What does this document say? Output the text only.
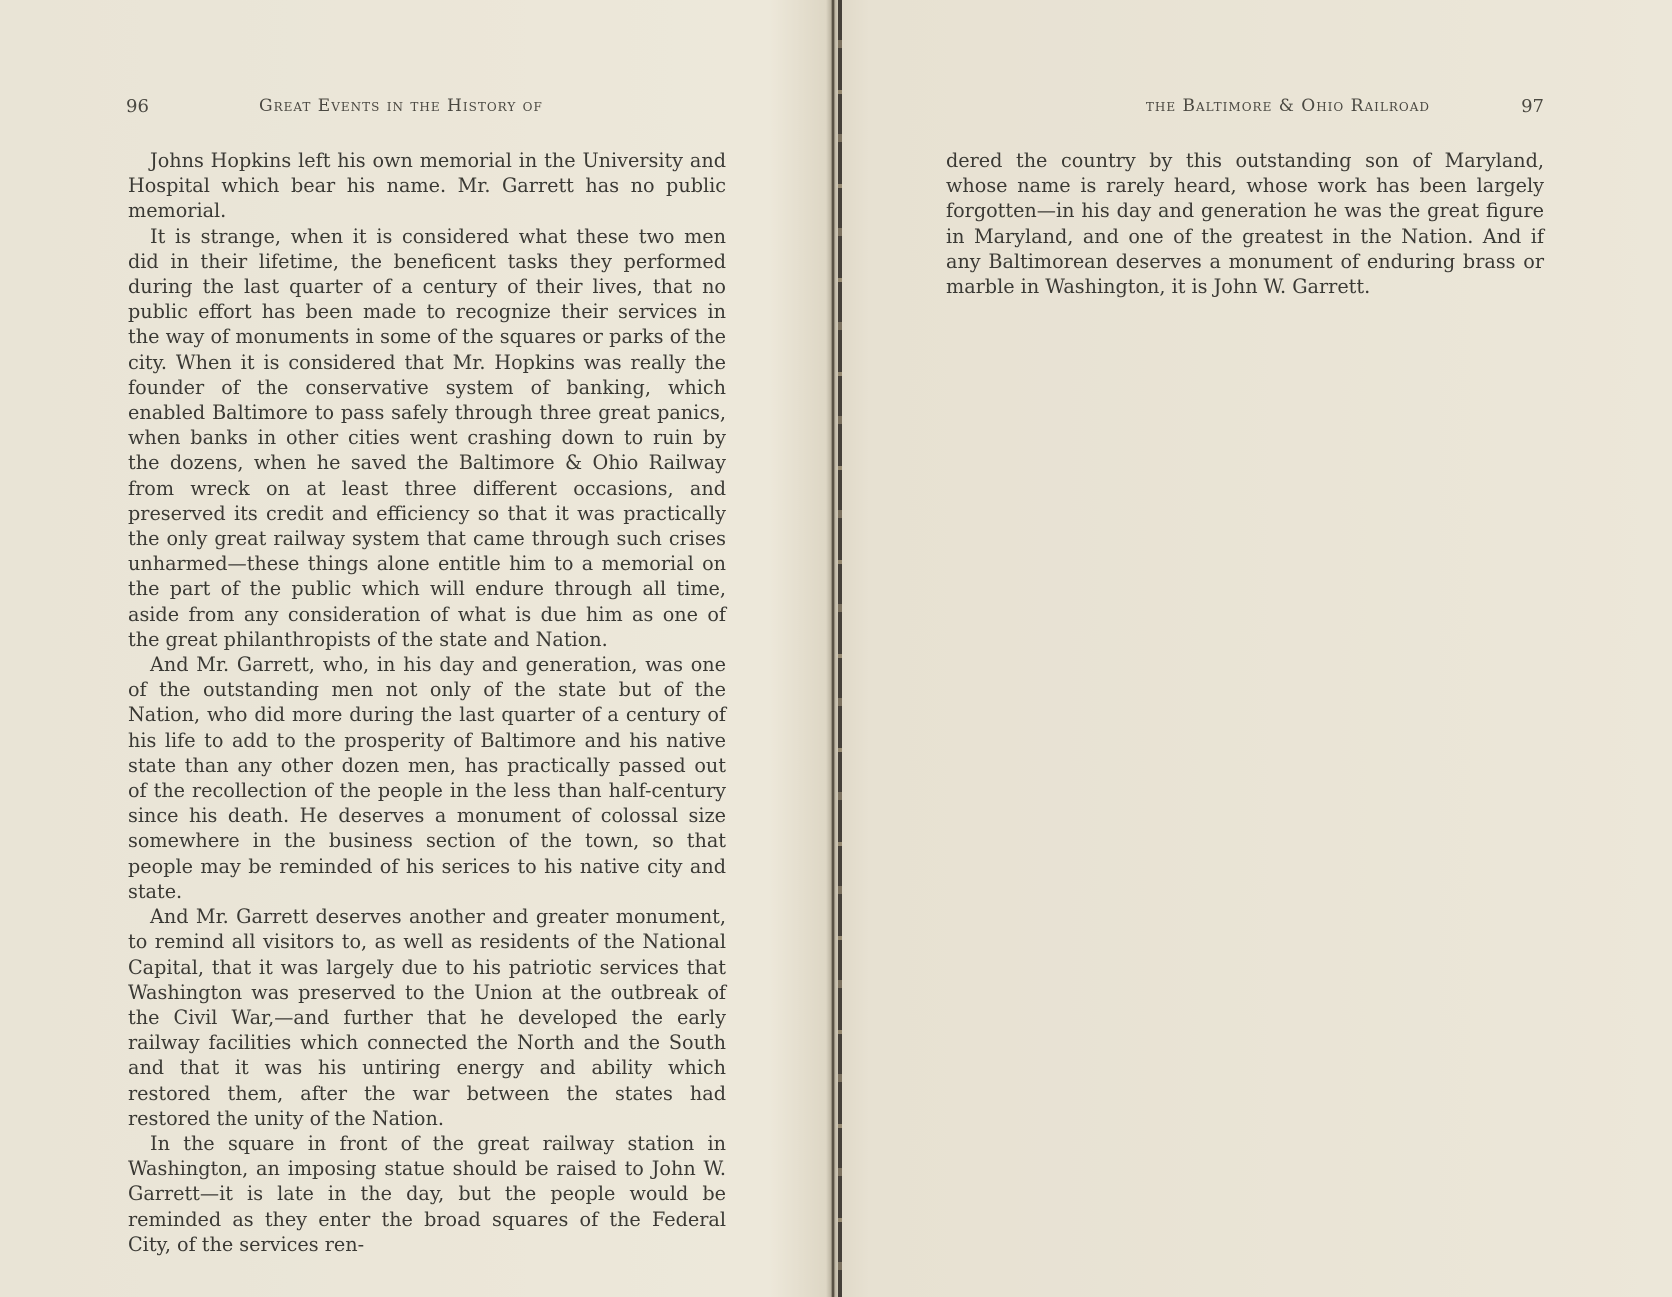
96	Great Events in the History of

Johns Hopkins left his own memorial in the University and Hospital which bear his name. Mr. Garrett has no public memorial.

It is strange, when it is considered what these two men did in their lifetime, the beneficent tasks they performed during the last quarter of a century of their lives, that no public effort has been made to recognize their services in the way of monuments in some of the squares or parks of the city. When it is considered that Mr. Hopkins was really the founder of the conservative system of banking, which enabled Baltimore to pass safely through three great panics, when banks in other cities went crashing down to ruin by the dozens, when he saved the Baltimore & Ohio Railway from wreck on at least three different occasions, and preserved its credit and efficiency so that it was practically the only great railway system that came through such crises unharmed—these things alone entitle him to a memorial on the part of the public which will endure through all time, aside from any consideration of what is due him as one of the great philanthropists of the state and Nation.

And Mr. Garrett, who, in his day and generation, was one of the outstanding men not only of the state but of the Nation, who did more during the last quarter of a century of his life to add to the prosperity of Baltimore and his native state than any other dozen men, has practically passed out of the recollection of the people in the less than half-century since his death. He deserves a monument of colossal size somewhere in the business section of the town, so that people may be reminded of his serices to his native city and state.

And Mr. Garrett deserves another and greater monument, to remind all visitors to, as well as residents of the National Capital, that it was largely due to his patriotic services that Washington was preserved to the Union at the outbreak of the Civil War,—and further that he developed the early railway facilities which connected the North and the South and that it was his untiring energy and ability which restored them, after the war between the states had restored the unity of the Nation.

In the square in front of the great railway station in Washington, an imposing statue should be raised to John W. Garrett—it is late in the day, but the people would be reminded as they enter the broad squares of the Federal City, of the services ren-

the Baltimore & Ohio Railroad	97

dered the country by this outstanding son of Maryland, whose name is rarely heard, whose work has been largely forgotten—in his day and generation he was the great figure in Maryland, and one of the greatest in the Nation. And if any Baltimorean deserves a monument of enduring brass or marble in Washington, it is John W. Garrett.
